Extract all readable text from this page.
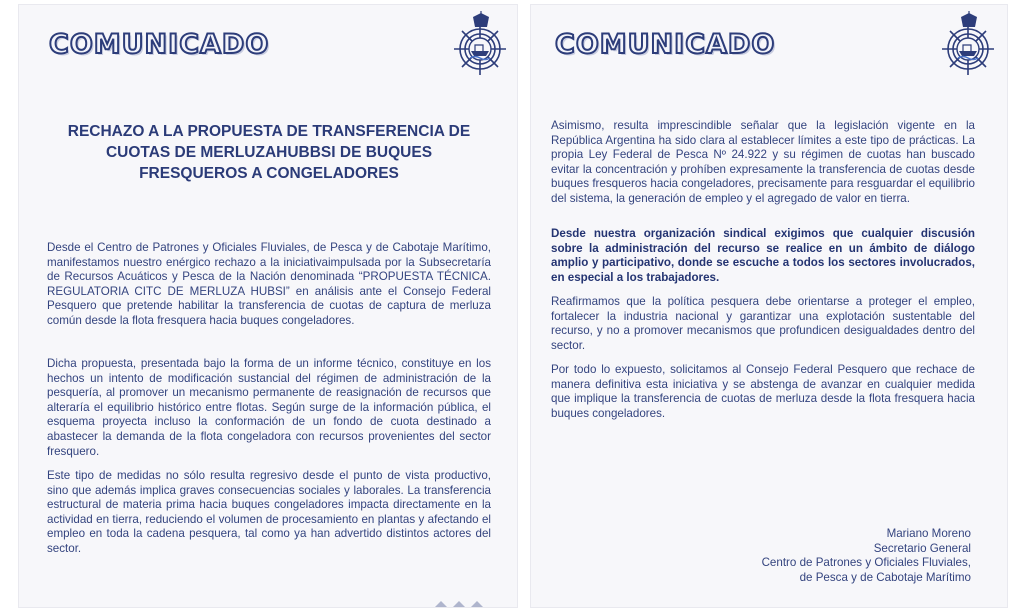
COMUNICADO
RECHAZO A LA PROPUESTA DE TRANSFERENCIA DE
CUOTAS DE MERLUZAHUBBSI DE BUQUES
FRESQUEROS A CONGELADORES

Desde el Centro de Patrones y Oficiales Fluviales, de Pesca y de Cabotaje Marítimo, manifestamos nuestro enérgico rechazo a la iniciativaimpulsada por la Subsecretaría de Recursos Acuáticos y Pesca de la Nación denominada “PROPUESTA TÉCNICA. REGULATORIA CITC DE MERLUZA HUBSI” en análisis ante el Consejo Federal Pesquero que pretende habilitar la transferencia de cuotas de captura de merluza común desde la flota fresquera hacia buques congeladores.

Dicha propuesta, presentada bajo la forma de un informe técnico, constituye en los hechos un intento de modificación sustancial del régimen de administración de la pesquería, al promover un mecanismo permanente de reasignación de recursos que alteraría el equilibrio histórico entre flotas. Según surge de la información pública, el esquema proyecta incluso la conformación de un fondo de cuota destinado a abastecer la demanda de la flota congeladora con recursos provenientes del sector fresquero.

Este tipo de medidas no sólo resulta regresivo desde el punto de vista productivo, sino que además implica graves consecuencias sociales y laborales. La transferencia estructural de materia prima hacia buques congeladores impacta directamente en la actividad en tierra, reduciendo el volumen de procesamiento en plantas y afectando el empleo en toda la cadena pesquera, tal como ya han advertido distintos actores del sector.

COMUNICADO

Asimismo, resulta imprescindible señalar que la legislación vigente en la República Argentina ha sido clara al establecer límites a este tipo de prácticas. La propia Ley Federal de Pesca Nº 24.922 y su régimen de cuotas han buscado evitar la concentración y prohíben expresamente la transferencia de cuotas desde buques fresqueros hacia congeladores, precisamente para resguardar el equilibrio del sistema, la generación de empleo y el agregado de valor en tierra.

Desde nuestra organización sindical exigimos que cualquier discusión sobre la administración del recurso se realice en un ámbito de diálogo amplio y participativo, donde se escuche a todos los sectores involucrados, en especial a los trabajadores.

Reafirmamos que la política pesquera debe orientarse a proteger el empleo, fortalecer la industria nacional y garantizar una explotación sustentable del recurso, y no a promover mecanismos que profundicen desigualdades dentro del sector.

Por todo lo expuesto, solicitamos al Consejo Federal Pesquero que rechace de manera definitiva esta iniciativa y se abstenga de avanzar en cualquier medida que implique la transferencia de cuotas de merluza desde la flota fresquera hacia buques congeladores.

Mariano Moreno
Secretario General
Centro de Patrones y Oficiales Fluviales,
de Pesca y de Cabotaje Marítimo
